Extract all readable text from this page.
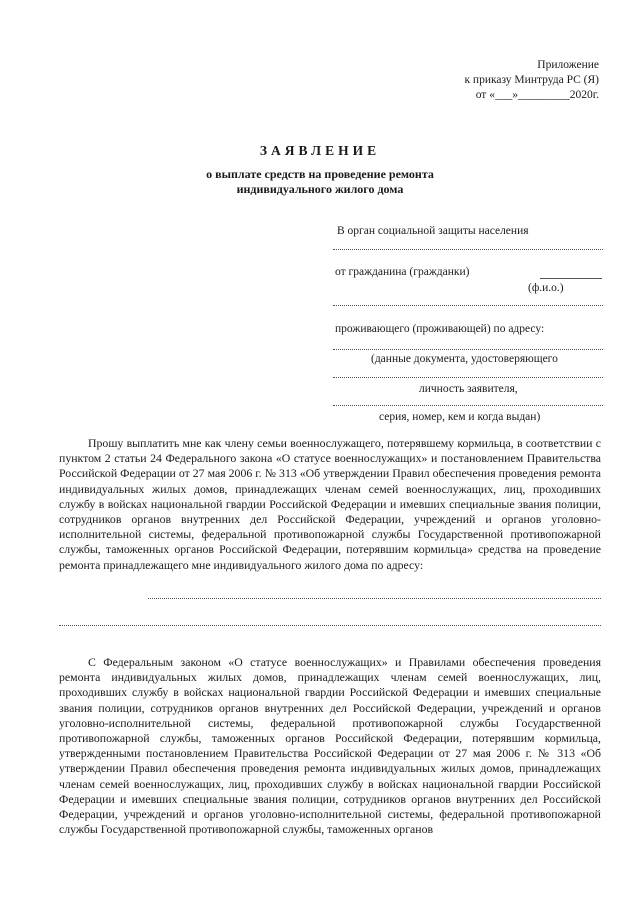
Приложение
к приказу Минтруда РС (Я)
от «___»_________2020г.
ЗАЯВЛЕНИЕ
о выплате средств на проведение ремонта
индивидуального жилого дома
В орган социальной защиты населения
от гражданина (гражданки)
(ф.и.о.)
проживающего (проживающей) по адресу:
(данные документа, удостоверяющего
личность заявителя,
серия, номер, кем и когда выдан)

Прошу выплатить мне как члену семьи военнослужащего, потерявшему кормильца, в соответствии с пунктом 2 статьи 24 Федерального закона «О статусе военнослужащих» и постановлением Правительства Российской Федерации от 27 мая 2006 г. № 313 «Об утверждении Правил обеспечения проведения ремонта индивидуальных жилых домов, принадлежащих членам семей военнослужащих, лиц, проходивших службу в войсках национальной гвардии Российской Федерации и имевших специальные звания полиции, сотрудников органов внутренних дел Российской Федерации, учреждений и органов уголовно-исполнительной системы, федеральной противопожарной службы Государственной противопожарной службы, таможенных органов Российской Федерации, потерявшим кормильца» средства на проведение ремонта принадлежащего мне индивидуального жилого дома по адресу:

С Федеральным законом «О статусе военнослужащих» и Правилами обеспечения проведения ремонта индивидуальных жилых домов, принадлежащих членам семей военнослужащих, лиц, проходивших службу в войсках национальной гвардии Российской Федерации и имевших специальные звания полиции, сотрудников органов внутренних дел Российской Федерации, учреждений и органов уголовно-исполнительной системы, федеральной противопожарной службы Государственной противопожарной службы, таможенных органов Российской Федерации, потерявшим кормильца, утвержденными постановлением Правительства Российской Федерации от 27 мая 2006 г. № 313 «Об утверждении Правил обеспечения проведения ремонта индивидуальных жилых домов, принадлежащих членам семей военнослужащих, лиц, проходивших службу в войсках национальной гвардии Российской Федерации и имевших специальные звания полиции, сотрудников органов внутренних дел Российской Федерации, учреждений и органов уголовно-исполнительной системы, федеральной противопожарной службы Государственной противопожарной службы, таможенных органов
